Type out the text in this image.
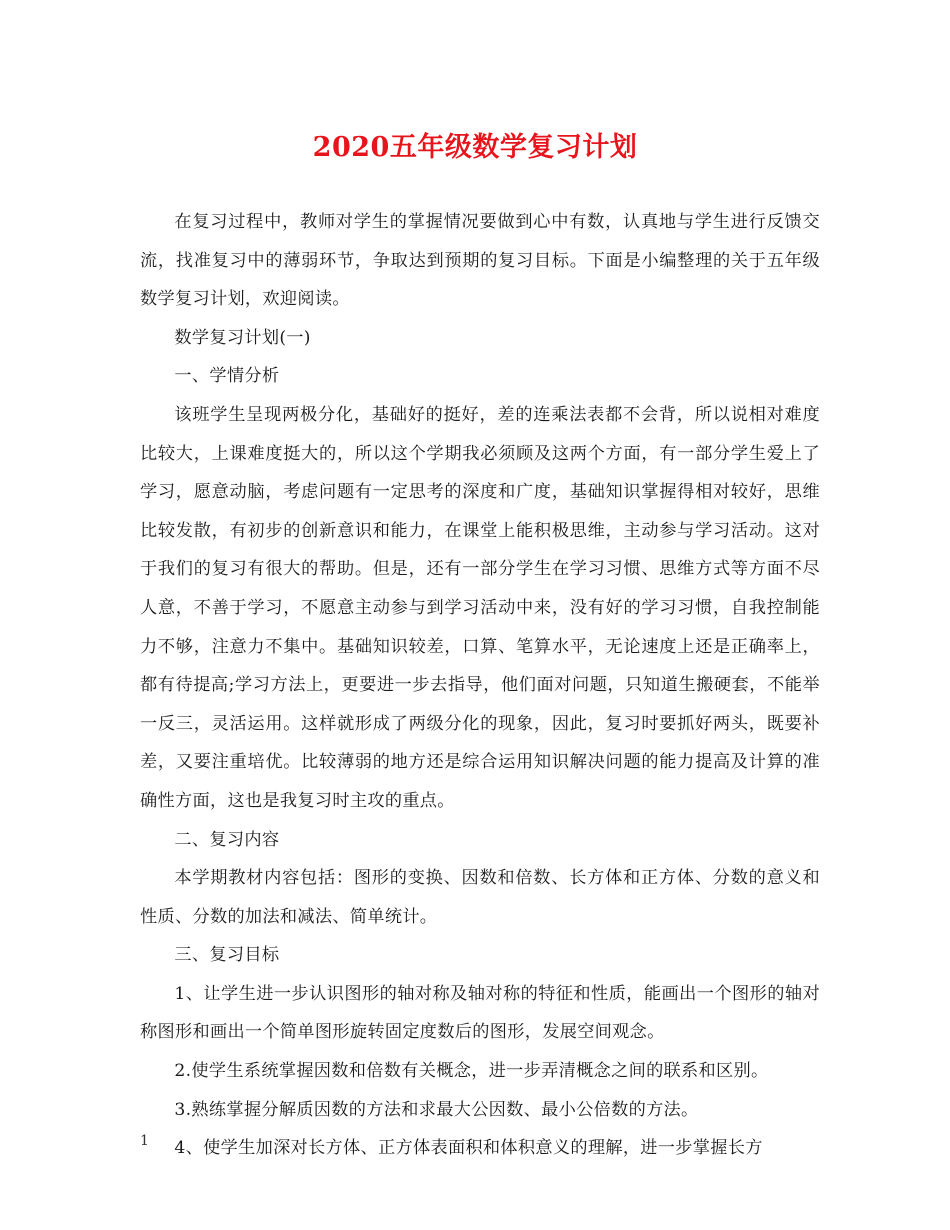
2020五年级数学复习计划

在复习过程中，教师对学生的掌握情况要做到心中有数，认真地与学生进行反馈交流，找准复习中的薄弱环节，争取达到预期的复习目标。下面是小编整理的关于五年级数学复习计划，欢迎阅读。

数学复习计划(一)

一、学情分析

该班学生呈现两极分化，基础好的挺好，差的连乘法表都不会背，所以说相对难度比较大，上课难度挺大的，所以这个学期我必须顾及这两个方面，有一部分学生爱上了学习，愿意动脑，考虑问题有一定思考的深度和广度，基础知识掌握得相对较好，思维比较发散，有初步的创新意识和能力，在课堂上能积极思维，主动参与学习活动。这对于我们的复习有很大的帮助。但是，还有一部分学生在学习习惯、思维方式等方面不尽人意，不善于学习，不愿意主动参与到学习活动中来，没有好的学习习惯，自我控制能力不够，注意力不集中。基础知识较差，口算、笔算水平，无论速度上还是正确率上，都有待提高;学习方法上，更要进一步去指导，他们面对问题，只知道生搬硬套，不能举一反三，灵活运用。这样就形成了两级分化的现象，因此，复习时要抓好两头，既要补差，又要注重培优。比较薄弱的地方还是综合运用知识解决问题的能力提高及计算的准确性方面，这也是我复习时主攻的重点。

二、复习内容

本学期教材内容包括：图形的变换、因数和倍数、长方体和正方体、分数的意义和性质、分数的加法和减法、简单统计。

三、复习目标

1、让学生进一步认识图形的轴对称及轴对称的特征和性质，能画出一个图形的轴对称图形和画出一个简单图形旋转固定度数后的图形，发展空间观念。

2.使学生系统掌握因数和倍数有关概念，进一步弄清概念之间的联系和区别。

3.熟练掌握分解质因数的方法和求最大公因数、最小公倍数的方法。

4、使学生加深对长方体、正方体表面积和体积意义的理解，进一步掌握长方

1
